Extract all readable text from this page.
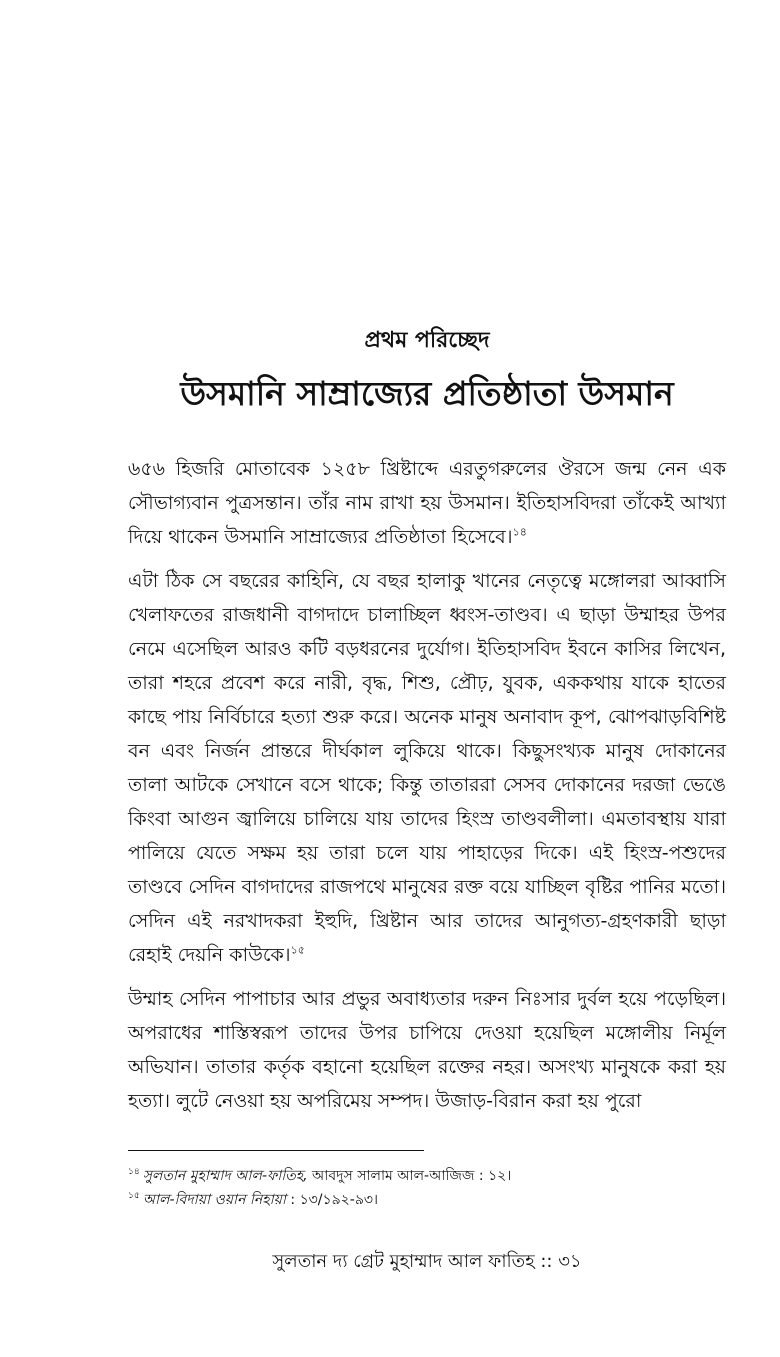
প্রথম পরিচ্ছেদ
উসমানি সাম্রাজ্যের প্রতিষ্ঠাতা উসমান

৬৫৬ হিজরি মোতাবেক ১২৫৮ খ্রিষ্টাব্দে এরতুগরুলের ঔরসে জন্ম নেন এক সৌভাগ্যবান পুত্রসন্তান। তাঁর নাম রাখা হয় উসমান। ইতিহাসবিদরা তাঁকেই আখ্যা দিয়ে থাকেন উসমানি সাম্রাজ্যের প্রতিষ্ঠাতা হিসেবে।$^{১৪}$

এটা ঠিক সে বছরের কাহিনি, যে বছর হালাকু খানের নেতৃত্বে মঙ্গোলরা আব্বাসি খেলাফতের রাজধানী বাগদাদে চালাচ্ছিল ধ্বংস-তাণ্ডব। এ ছাড়া উম্মাহর উপর নেমে এসেছিল আরও কটি বড়ধরনের দুর্যোগ। ইতিহাসবিদ ইবনে কাসির লিখেন, তারা শহরে প্রবেশ করে নারী, বৃদ্ধ, শিশু, প্রৌঢ়, যুবক, এককথায় যাকে হাতের কাছে পায় নির্বিচারে হত্যা শুরু করে। অনেক মানুষ অনাবাদ কূপ, ঝোপঝাড়বিশিষ্ট বন এবং নির্জন প্রান্তরে দীর্ঘকাল লুকিয়ে থাকে। কিছুসংখ্যক মানুষ দোকানের তালা আটকে সেখানে বসে থাকে; কিন্তু তাতাররা সেসব দোকানের দরজা ভেঙে কিংবা আগুন জ্বালিয়ে চালিয়ে যায় তাদের হিংস্র তাণ্ডবলীলা। এমতাবস্থায় যারা পালিয়ে যেতে সক্ষম হয় তারা চলে যায় পাহাড়ের দিকে। এই হিংস্র-পশুদের তাণ্ডবে সেদিন বাগদাদের রাজপথে মানুষের রক্ত বয়ে যাচ্ছিল বৃষ্টির পানির মতো। সেদিন এই নরখাদকরা ইহুদি, খ্রিষ্টান আর তাদের আনুগত্য-গ্রহণকারী ছাড়া রেহাই দেয়নি কাউকে।$^{১৫}$

উম্মাহ সেদিন পাপাচার আর প্রভুর অবাধ্যতার দরুন নিঃসার দুর্বল হয়ে পড়েছিল। অপরাধের শাস্তিস্বরূপ তাদের উপর চাপিয়ে দেওয়া হয়েছিল মঙ্গোলীয় নির্মূল অভিযান। তাতার কর্তৃক বহানো হয়েছিল রক্তের নহর। অসংখ্য মানুষকে করা হয় হত্যা। লুটে নেওয়া হয় অপরিমেয় সম্পদ। উজাড়-বিরান করা হয় পুরো

$^{১৪}$ সুলতান মুহাম্মাদ আল-ফাতিহ, আবদুস সালাম আল-আজিজ : ১২।

$^{১৫}$ আল-বিদায়া ওয়ান নিহায়া : ১৩/১৯২-৯৩।

সুলতান দ্য গ্রেট মুহাম্মাদ আল ফাতিহ :: ৩১
